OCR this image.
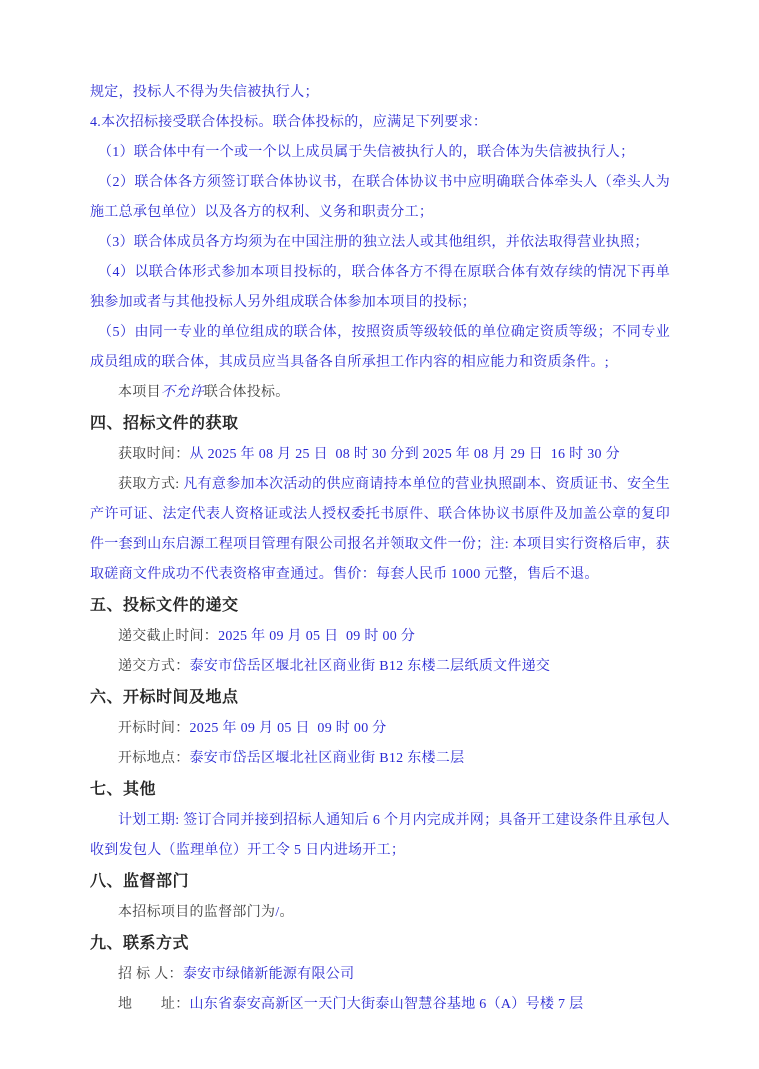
规定，投标人不得为失信被执行人；

4.本次招标接受联合体投标。联合体投标的，应满足下列要求：

（1）联合体中有一个或一个以上成员属于失信被执行人的，联合体为失信被执行人；

（2）联合体各方须签订联合体协议书，在联合体协议书中应明确联合体牵头人（牵头人为施工总承包单位）以及各方的权利、义务和职责分工；

（3）联合体成员各方均须为在中国注册的独立法人或其他组织，并依法取得营业执照；

（4）以联合体形式参加本项目投标的，联合体各方不得在原联合体有效存续的情况下再单独参加或者与其他投标人另外组成联合体参加本项目的投标；

（5）由同一专业的单位组成的联合体，按照资质等级较低的单位确定资质等级；不同专业成员组成的联合体，其成员应当具备各自所承担工作内容的相应能力和资质条件。;

本项目不允许联合体投标。

四、招标文件的获取

获取时间：从 2025 年 08 月 25 日  08 时 30 分到 2025 年 08 月 29 日  16 时 30 分

获取方式: 凡有意参加本次活动的供应商请持本单位的营业执照副本、资质证书、安全生产许可证、法定代表人资格证或法人授权委托书原件、联合体协议书原件及加盖公章的复印件一套到山东启源工程项目管理有限公司报名并领取文件一份；注: 本项目实行资格后审，获取磋商文件成功不代表资格审查通过。售价：每套人民币 1000 元整，售后不退。

五、投标文件的递交

递交截止时间：2025 年 09 月 05 日  09 时 00 分

递交方式：泰安市岱岳区堰北社区商业街 B12 东楼二层纸质文件递交

六、开标时间及地点

开标时间：2025 年 09 月 05 日  09 时 00 分

开标地点：泰安市岱岳区堰北社区商业街 B12 东楼二层

七、其他

计划工期: 签订合同并接到招标人通知后 6 个月内完成并网；具备开工建设条件且承包人收到发包人（监理单位）开工令 5 日内进场开工；

八、监督部门

本招标项目的监督部门为/。

九、联系方式

招 标 人：泰安市绿储新能源有限公司

地　　址：山东省泰安高新区一天门大街泰山智慧谷基地 6（A）号楼 7 层
